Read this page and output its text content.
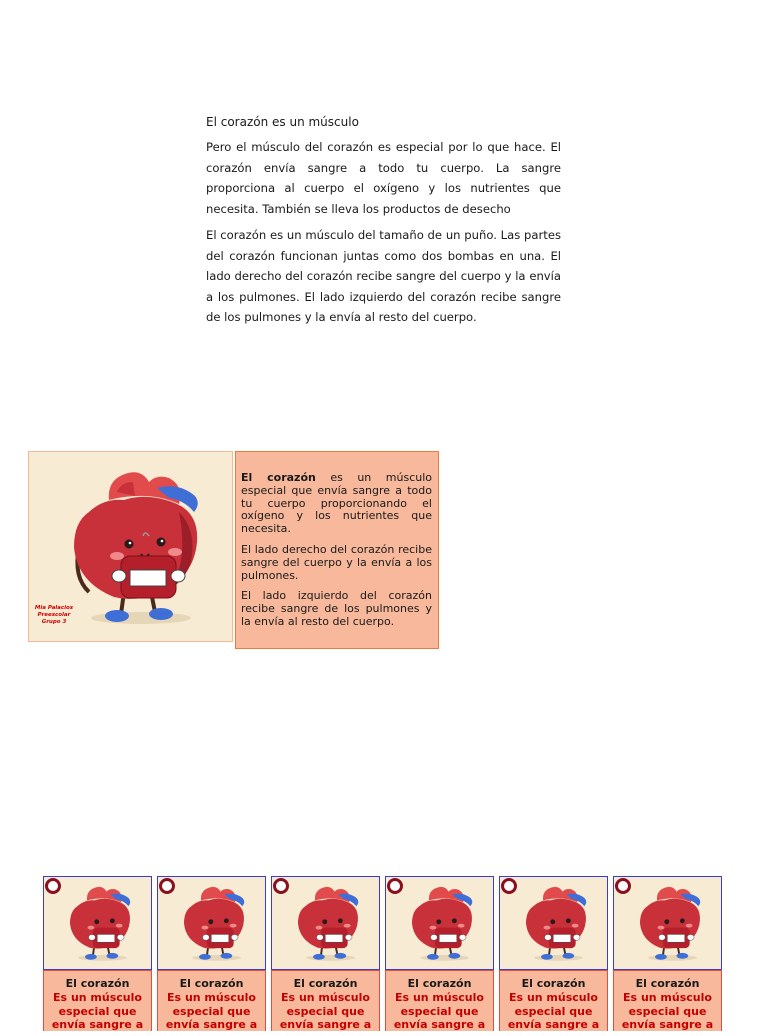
El corazón es un músculo

Pero el músculo del corazón es especial por lo que hace. El corazón envía sangre a todo tu cuerpo. La sangre proporciona al cuerpo el oxígeno y los nutrientes que necesita. También se lleva los productos de desecho

El corazón es un músculo del tamaño de un puño. Las partes del corazón funcionan juntas como dos bombas en una. El lado derecho del corazón recibe sangre del cuerpo y la envía a los pulmones. El lado izquierdo del corazón recibe sangre de los pulmones y la envía al resto del cuerpo.

Mia Palacios
Preescolar
Grupo 3

El corazón es un músculo especial que envía sangre a todo tu cuerpo proporcionando el oxígeno y los nutrientes que necesita.

El lado derecho del corazón recibe sangre del cuerpo y la envía a los pulmones.

El lado izquierdo del corazón recibe sangre de los pulmones y la envía al resto del cuerpo.

El corazón
Es un músculo
especial que
envía sangre a
El corazón
Es un músculo
especial que
envía sangre a
El corazón
Es un músculo
especial que
envía sangre a
El corazón
Es un músculo
especial que
envía sangre a
El corazón
Es un músculo
especial que
envía sangre a
El corazón
Es un músculo
especial que
envía sangre a
